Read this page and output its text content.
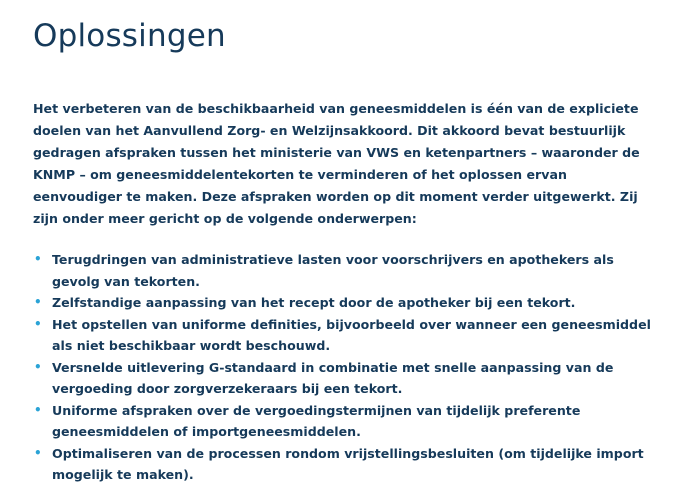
Oplossingen

Het verbeteren van de beschikbaarheid van geneesmiddelen is één van de expliciete doelen van het Aanvullend Zorg- en Welzijnsakkoord. Dit akkoord bevat bestuurlijk gedragen afspraken tussen het ministerie van VWS en ketenpartners – waaronder de KNMP – om geneesmiddelentekorten te verminderen of het oplossen ervan eenvoudiger te maken. Deze afspraken worden op dit moment verder uitgewerkt. Zij zijn onder meer gericht op de volgende onderwerpen:

• Terugdringen van administratieve lasten voor voorschrijvers en apothekers als gevolg van tekorten.
• Zelfstandige aanpassing van het recept door de apotheker bij een tekort.
• Het opstellen van uniforme definities, bijvoorbeeld over wanneer een geneesmiddel als niet beschikbaar wordt beschouwd.
• Versnelde uitlevering G-standaard in combinatie met snelle aanpassing van de vergoeding door zorgverzekeraars bij een tekort.
• Uniforme afspraken over de vergoedingstermijnen van tijdelijk preferente geneesmiddelen of importgeneesmiddelen.
• Optimaliseren van de processen rondom vrijstellingsbesluiten (om tijdelijke import mogelijk te maken).
